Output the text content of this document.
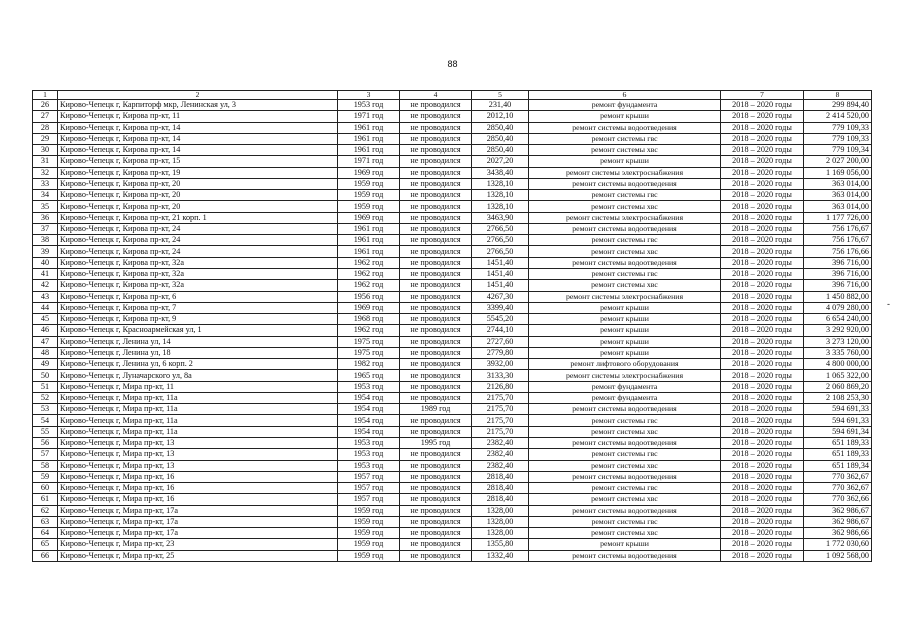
88
1	2	3	4	5	6	7	8
26	Кирово-Чепецк г, Карпиторф мкр, Ленинская ул, 3	1953 год	не проводился	231,40	ремонт фундамента	2018 – 2020 годы	299 894,40
27	Кирово-Чепецк г, Кирова пр-кт, 11	1971 год	не проводился	2012,10	ремонт крыши	2018 – 2020 годы	2 414 520,00
28	Кирово-Чепецк г, Кирова пр-кт, 14	1961 год	не проводился	2850,40	ремонт системы водоотведения	2018 – 2020 годы	779 109,33
29	Кирово-Чепецк г, Кирова пр-кт, 14	1961 год	не проводился	2850,40	ремонт системы гвс	2018 – 2020 годы	779 109,33
30	Кирово-Чепецк г, Кирова пр-кт, 14	1961 год	не проводился	2850,40	ремонт системы хвс	2018 – 2020 годы	779 109,34
31	Кирово-Чепецк г, Кирова пр-кт, 15	1971 год	не проводился	2027,20	ремонт крыши	2018 – 2020 годы	2 027 200,00
32	Кирово-Чепецк г, Кирова пр-кт, 19	1969 год	не проводился	3438,40	ремонт системы электроснабжения	2018 – 2020 годы	1 169 056,00
33	Кирово-Чепецк г, Кирова пр-кт, 20	1959 год	не проводился	1328,10	ремонт системы водоотведения	2018 – 2020 годы	363 014,00
34	Кирово-Чепецк г, Кирова пр-кт, 20	1959 год	не проводился	1328,10	ремонт системы гвс	2018 – 2020 годы	363 014,00
35	Кирово-Чепецк г, Кирова пр-кт, 20	1959 год	не проводился	1328,10	ремонт системы хвс	2018 – 2020 годы	363 014,00
36	Кирово-Чепецк г, Кирова пр-кт, 21 корп. 1	1969 год	не проводился	3463,90	ремонт системы электроснабжения	2018 – 2020 годы	1 177 726,00
37	Кирово-Чепецк г, Кирова пр-кт, 24	1961 год	не проводился	2766,50	ремонт системы водоотведения	2018 – 2020 годы	756 176,67
38	Кирово-Чепецк г, Кирова пр-кт, 24	1961 год	не проводился	2766,50	ремонт системы гвс	2018 – 2020 годы	756 176,67
39	Кирово-Чепецк г, Кирова пр-кт, 24	1961 год	не проводился	2766,50	ремонт системы хвс	2018 – 2020 годы	756 176,66
40	Кирово-Чепецк г, Кирова пр-кт, 32а	1962 год	не проводился	1451,40	ремонт системы водоотведения	2018 – 2020 годы	396 716,00
41	Кирово-Чепецк г, Кирова пр-кт, 32а	1962 год	не проводился	1451,40	ремонт системы гвс	2018 – 2020 годы	396 716,00
42	Кирово-Чепецк г, Кирова пр-кт, 32а	1962 год	не проводился	1451,40	ремонт системы хвс	2018 – 2020 годы	396 716,00
43	Кирово-Чепецк г, Кирова пр-кт, 6	1956 год	не проводился	4267,30	ремонт системы электроснабжения	2018 – 2020 годы	1 450 882,00
44	Кирово-Чепецк г, Кирова пр-кт, 7	1969 год	не проводился	3399,40	ремонт крыши	2018 – 2020 годы	4 079 280,00
45	Кирово-Чепецк г, Кирова пр-кт, 9	1968 год	не проводился	5545,20	ремонт крыши	2018 – 2020 годы	6 654 240,00
46	Кирово-Чепецк г, Красноармейская ул, 1	1962 год	не проводился	2744,10	ремонт крыши	2018 – 2020 годы	3 292 920,00
47	Кирово-Чепецк г, Ленина ул, 14	1975 год	не проводился	2727,60	ремонт крыши	2018 – 2020 годы	3 273 120,00
48	Кирово-Чепецк г, Ленина ул, 18	1975 год	не проводился	2779,80	ремонт крыши	2018 – 2020 годы	3 335 760,00
49	Кирово-Чепецк г, Ленина ул, 6 корп. 2	1982 год	не проводился	3932,00	ремонт лифтового оборудования	2018 – 2020 годы	4 800 000,00
50	Кирово-Чепецк г, Луначарского ул, 8а	1965 год	не проводился	3133,30	ремонт системы электроснабжения	2018 – 2020 годы	1 065 322,00
51	Кирово-Чепецк г, Мира пр-кт, 11	1953 год	не проводился	2126,80	ремонт фундамента	2018 – 2020 годы	2 060 869,20
52	Кирово-Чепецк г, Мира пр-кт, 11а	1954 год	не проводился	2175,70	ремонт фундамента	2018 – 2020 годы	2 108 253,30
53	Кирово-Чепецк г, Мира пр-кт, 11а	1954 год	1989 год	2175,70	ремонт системы водоотведения	2018 – 2020 годы	594 691,33
54	Кирово-Чепецк г, Мира пр-кт, 11а	1954 год	не проводился	2175,70	ремонт системы гвс	2018 – 2020 годы	594 691,33
55	Кирово-Чепецк г, Мира пр-кт, 11а	1954 год	не проводился	2175,70	ремонт системы хвс	2018 – 2020 годы	594 691,34
56	Кирово-Чепецк г, Мира пр-кт, 13	1953 год	1995 год	2382,40	ремонт системы водоотведения	2018 – 2020 годы	651 189,33
57	Кирово-Чепецк г, Мира пр-кт, 13	1953 год	не проводился	2382,40	ремонт системы гвс	2018 – 2020 годы	651 189,33
58	Кирово-Чепецк г, Мира пр-кт, 13	1953 год	не проводился	2382,40	ремонт системы хвс	2018 – 2020 годы	651 189,34
59	Кирово-Чепецк г, Мира пр-кт, 16	1957 год	не проводился	2818,40	ремонт системы водоотведения	2018 – 2020 годы	770 362,67
60	Кирово-Чепецк г, Мира пр-кт, 16	1957 год	не проводился	2818,40	ремонт системы гвс	2018 – 2020 годы	770 362,67
61	Кирово-Чепецк г, Мира пр-кт, 16	1957 год	не проводился	2818,40	ремонт системы хвс	2018 – 2020 годы	770 362,66
62	Кирово-Чепецк г, Мира пр-кт, 17а	1959 год	не проводился	1328,00	ремонт системы водоотведения	2018 – 2020 годы	362 986,67
63	Кирово-Чепецк г, Мира пр-кт, 17а	1959 год	не проводился	1328,00	ремонт системы гвс	2018 – 2020 годы	362 986,67
64	Кирово-Чепецк г, Мира пр-кт, 17а	1959 год	не проводился	1328,00	ремонт системы хвс	2018 – 2020 годы	362 986,66
65	Кирово-Чепецк г, Мира пр-кт, 23	1959 год	не проводился	1355,80	ремонт крыши	2018 – 2020 годы	1 772 030,60
66	Кирово-Чепецк г, Мира пр-кт, 25	1959 год	не проводился	1332,40	ремонт системы водоотведения	2018 – 2020 годы	1 092 568,00
-
